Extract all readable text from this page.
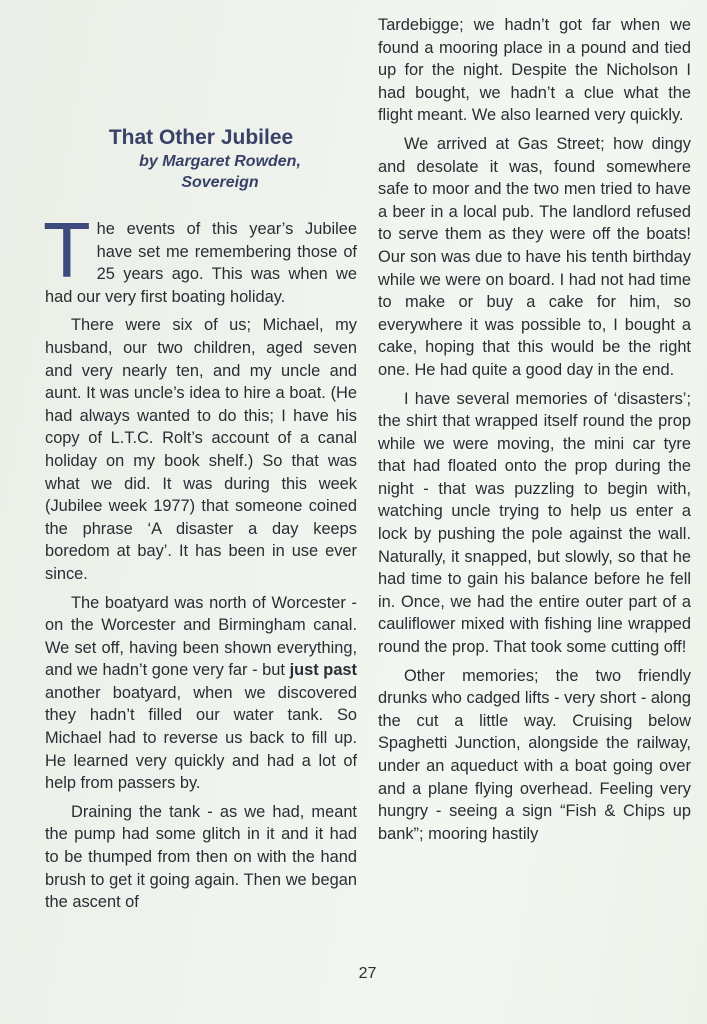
That Other Jubilee
by Margaret Rowden,
Sovereign

The events of this year’s Jubilee have set me remembering those of 25 years ago. This was when we had our very first boating holiday.

There were six of us; Michael, my husband, our two children, aged seven and very nearly ten, and my uncle and aunt. It was uncle’s idea to hire a boat. (He had always wanted to do this; I have his copy of L.T.C. Rolt’s account of a canal holiday on my book shelf.) So that was what we did. It was during this week (Jubilee week 1977) that someone coined the phrase ‘A disaster a day keeps boredom at bay’. It has been in use ever since.

The boatyard was north of Worcester - on the Worcester and Birmingham canal. We set off, having been shown everything, and we hadn’t gone very far - but just past another boatyard, when we discovered they hadn’t filled our water tank. So Michael had to reverse us back to fill up. He learned very quickly and had a lot of help from passers by.

Draining the tank - as we had, meant the pump had some glitch in it and it had to be thumped from then on with the hand brush to get it going again. Then we began the ascent of

Tardebigge; we hadn’t got far when we found a mooring place in a pound and tied up for the night. Despite the Nicholson I had bought, we hadn’t a clue what the flight meant. We also learned very quickly.

We arrived at Gas Street; how dingy and desolate it was, found somewhere safe to moor and the two men tried to have a beer in a local pub. The landlord refused to serve them as they were off the boats! Our son was due to have his tenth birthday while we were on board. I had not had time to make or buy a cake for him, so everywhere it was possible to, I bought a cake, hoping that this would be the right one. He had quite a good day in the end.

I have several memories of ‘disasters’; the shirt that wrapped itself round the prop while we were moving, the mini car tyre that had floated onto the prop during the night - that was puzzling to begin with, watching uncle trying to help us enter a lock by pushing the pole against the wall. Naturally, it snapped, but slowly, so that he had time to gain his balance before he fell in. Once, we had the entire outer part of a cauliflower mixed with fishing line wrapped round the prop. That took some cutting off!

Other memories; the two friendly drunks who cadged lifts - very short - along the cut a little way. Cruising below Spaghetti Junction, alongside the railway, under an aqueduct with a boat going over and a plane flying overhead. Feeling very hungry - seeing a sign “Fish & Chips up bank”; mooring hastily

27
